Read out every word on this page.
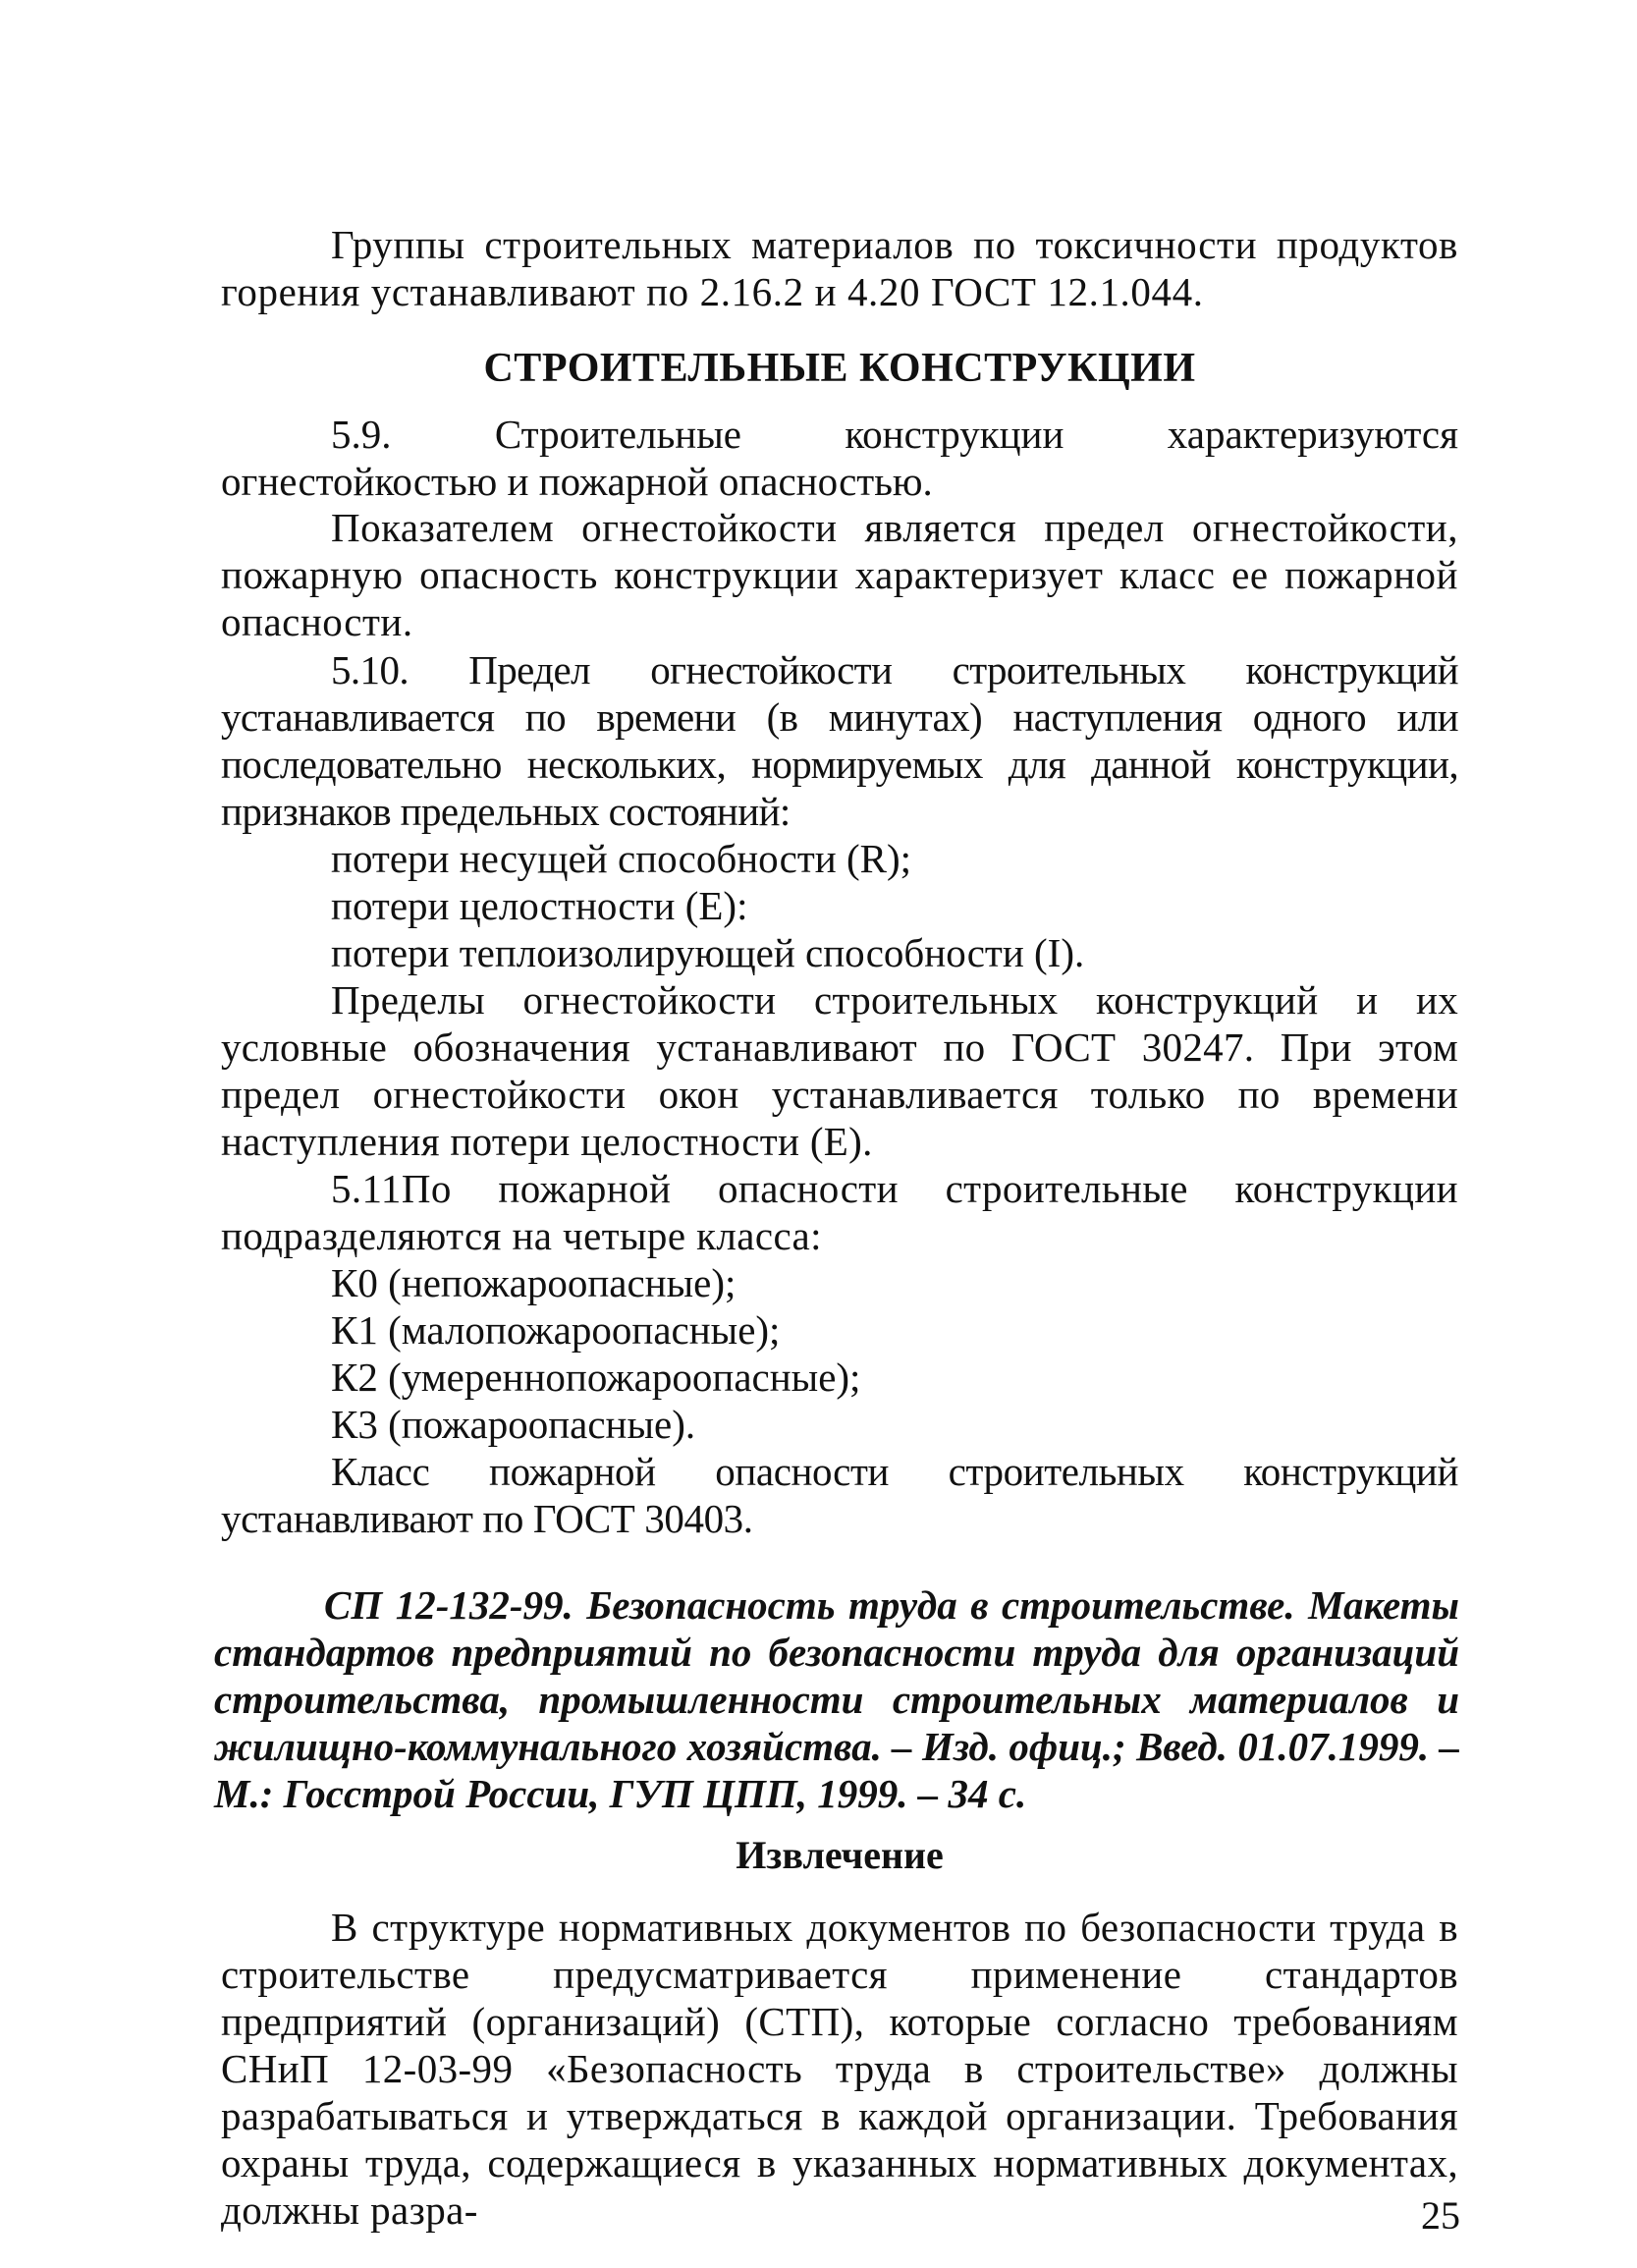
Группы строительных материалов по токсичности продуктов горения устанавливают по 2.16.2 и 4.20 ГОСТ 12.1.044.

СТРОИТЕЛЬНЫЕ КОНСТРУКЦИИ

5.9. Строительные конструкции характеризуются огнестойкостью и пожарной опасностью.

Показателем огнестойкости является предел огнестойкости, пожарную опасность конструкции характеризует класс ее пожарной опасности.

5.10. Предел огнестойкости строительных конструкций устанавливается по времени (в минутах) наступления одного или последовательно нескольких, нормируемых для данной конструкции, признаков предельных состояний:

потери несущей способности (R);
потери целостности (Е):
потери теплоизолирующей способности (I).

Пределы огнестойкости строительных конструкций и их условные обозначения устанавливают по ГОСТ 30247. При этом предел огнестойкости окон устанавливается только по времени наступления потери целостности (Е).

5.11По пожарной опасности строительные конструкции подразделяются на четыре класса:

К0 (непожароопасные);
К1 (малопожароопасные);
К2 (умереннопожароопасные);
К3 (пожароопасные).

Класс пожарной опасности строительных конструкций устанавливают по ГОСТ 30403.

СП 12-132-99. Безопасность труда в строительстве. Макеты стандартов предприятий по безопасности труда для организаций строительства, промышленности строительных материалов и жилищно-коммунального хозяйства. – Изд. офиц.; Введ. 01.07.1999. – М.: Госстрой России, ГУП ЦПП, 1999. – 34 с.

Извлечение

В структуре нормативных документов по безопасности труда в строительстве предусматривается применение стандартов предприятий (организаций) (СТП), которые согласно требованиям СНиП 12-03-99 «Безопасность труда в строительстве» должны разрабатываться и утверждаться в каждой организации. Требования охраны труда, содержащиеся в указанных нормативных документах, должны разра-	25
